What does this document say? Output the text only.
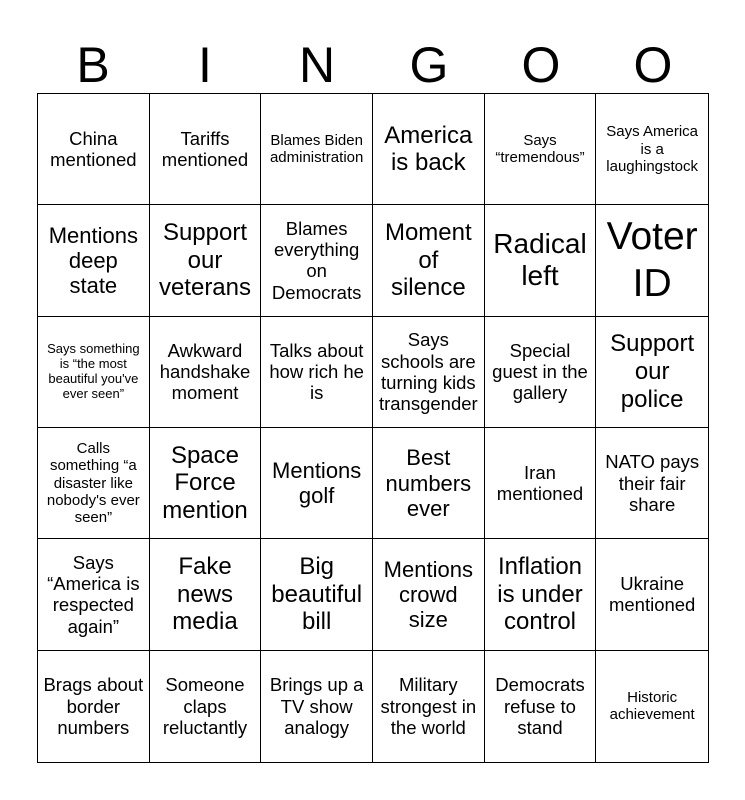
B	I	N	G	O	O
China mentioned
Tariffs mentioned
Blames Biden administration
America is back
Says “tremendous”
Says America is a laughingstock
Mentions deep state
Support our veterans
Blames everything on Democrats
Moment of silence
Radical left
Voter ID
Says something is “the most beautiful you've ever seen”
Awkward handshake moment
Talks about how rich he is
Says schools are turning kids transgender
Special guest in the gallery
Support our police
Calls something “a disaster like nobody's ever seen”
Space Force mention
Mentions golf
Best numbers ever
Iran mentioned
NATO pays their fair share
Says “America is respected again”
Fake news media
Big beautiful bill
Mentions crowd size
Inflation is under control
Ukraine mentioned
Brags about border numbers
Someone claps reluctantly
Brings up a TV show analogy
Military strongest in the world
Democrats refuse to stand
Historic achievement
